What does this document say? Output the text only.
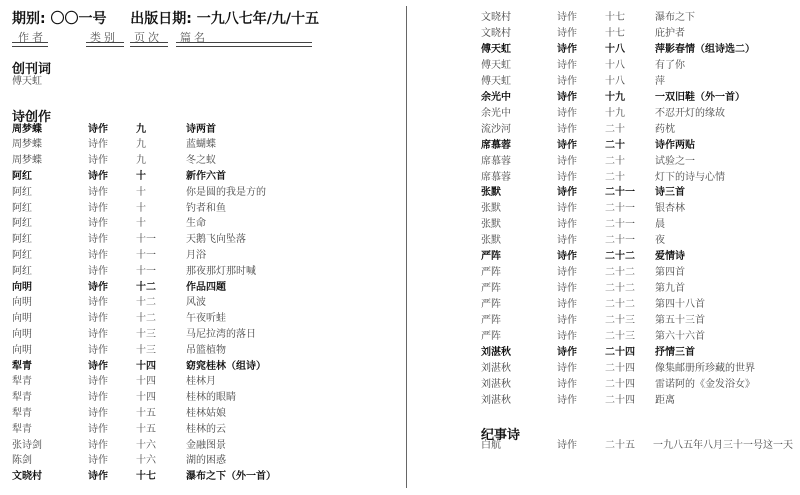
期别: 〇〇一号 出版日期: 一九八七年/九/十五
作者	类别 页次 篇名
创刊词
傅天虹
诗创作
周梦蝶	诗作	九	诗两首
周梦蝶	诗作	九	蓝蝴蝶
周梦蝶	诗作	九	冬之蚁
阿红	诗作	十	新作六首
阿红	诗作	十	你是圆的我是方的
阿红	诗作	十	钓者和鱼
阿红	诗作	十	生命
阿红	诗作	十一	天鹅飞向坠落
阿红	诗作	十一	月浴
阿红	诗作	十一	那夜那灯那时喊
向明	诗作	十二	作品四题
向明	诗作	十二	风波
向明	诗作	十二	午夜听蛙
向明	诗作	十三	马尼拉湾的落日
向明	诗作	十三	吊篮植物
犁青	诗作	十四	窈窕桂林（组诗）
犁青	诗作	十四	桂林月
犁青	诗作	十四	桂林的眼睛
犁青	诗作	十五	桂林姑娘
犁青	诗作	十五	桂林的云
张诗剑	诗作	十六	金融图景
陈剑	诗作	十六	湖的困惑
文晓村	诗作	十七	瀑布之下（外一首）
纪事诗
文晓村	诗作	十七	瀑布之下
文晓村	诗作	十七	庇护者
傅天虹	诗作	十八	萍影春情（组诗选二）
傅天虹	诗作	十八	有了你
傅天虹	诗作	十八	萍
余光中	诗作	十九	一双旧鞋（外一首）
余光中	诗作	十九	不忍开灯的缘故
流沙河	诗作	二十	药枕
席慕蓉	诗作	二十	诗作两贴
席慕蓉	诗作	二十	试验之一
席慕蓉	诗作	二十	灯下的诗与心情
张默	诗作	二十一 诗三首
张默	诗作	二十一 银杏林
张默	诗作	二十一 晨
张默	诗作	二十一 夜
严阵	诗作	二十二 爱情诗
严阵	诗作	二十二 第四首
严阵	诗作	二十二 第九首
严阵	诗作	二十二 第四十八首
严阵	诗作	二十三 第五十三首
严阵	诗作	二十三 第六十六首
刘湛秋	诗作	二十四 抒情三首
刘湛秋	诗作	二十四 像集邮册所珍藏的世界
刘湛秋	诗作	二十四 雷诺阿的《金发浴女》
刘湛秋	诗作	二十四 距离
白航	诗作	二十五 一九八五年八月三十一号这一天
